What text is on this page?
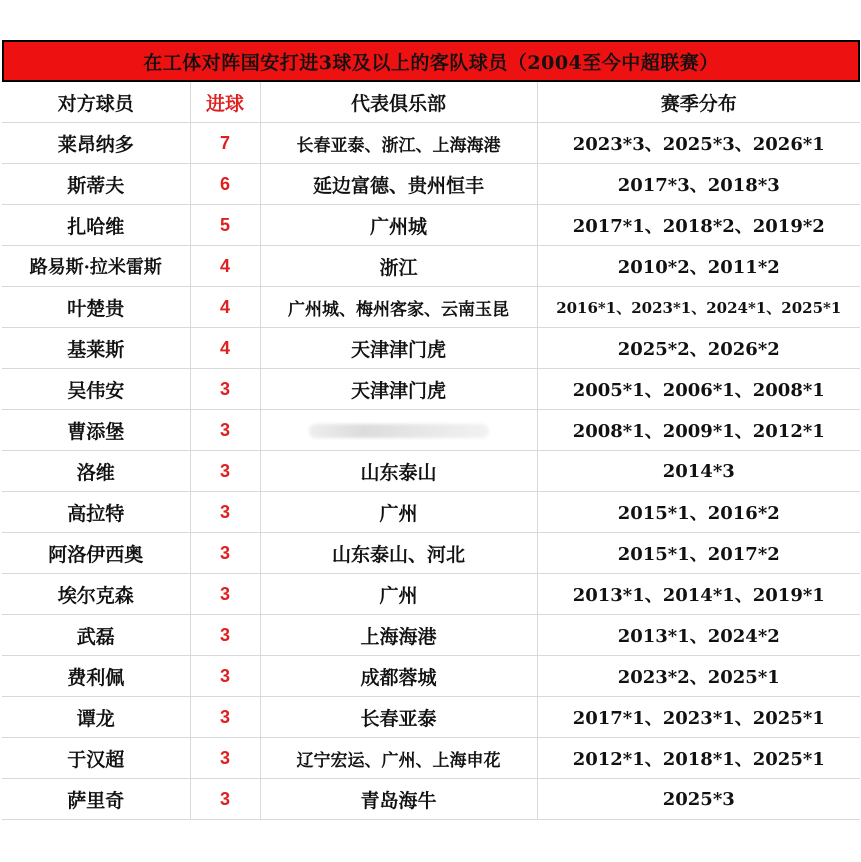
在工体对阵国安打进3球及以上的客队球员（2004至今中超联赛）
对方球员	进球	代表俱乐部	赛季分布
莱昂纳多	7	长春亚泰、浙江、上海海港	2023*3、2025*3、2026*1
斯蒂夫	6	延边富德、贵州恒丰	2017*3、2018*3
扎哈维	5	广州城	2017*1、2018*2、2019*2
路易斯·拉米雷斯	4	浙江	2010*2、2011*2
叶楚贵	4	广州城、梅州客家、云南玉昆	2016*1、2023*1、2024*1、2025*1
基莱斯	4	天津津门虎	2025*2、2026*2
吴伟安	3	天津津门虎	2005*1、2006*1、2008*1
曹添堡	3		2008*1、2009*1、2012*1
洛维	3	山东泰山	2014*3
高拉特	3	广州	2015*1、2016*2
阿洛伊西奥	3	山东泰山、河北	2015*1、2017*2
埃尔克森	3	广州	2013*1、2014*1、2019*1
武磊	3	上海海港	2013*1、2024*2
费利佩	3	成都蓉城	2023*2、2025*1
谭龙	3	长春亚泰	2017*1、2023*1、2025*1
于汉超	3	辽宁宏运、广州、上海申花	2012*1、2018*1、2025*1
萨里奇	3	青岛海牛	2025*3
